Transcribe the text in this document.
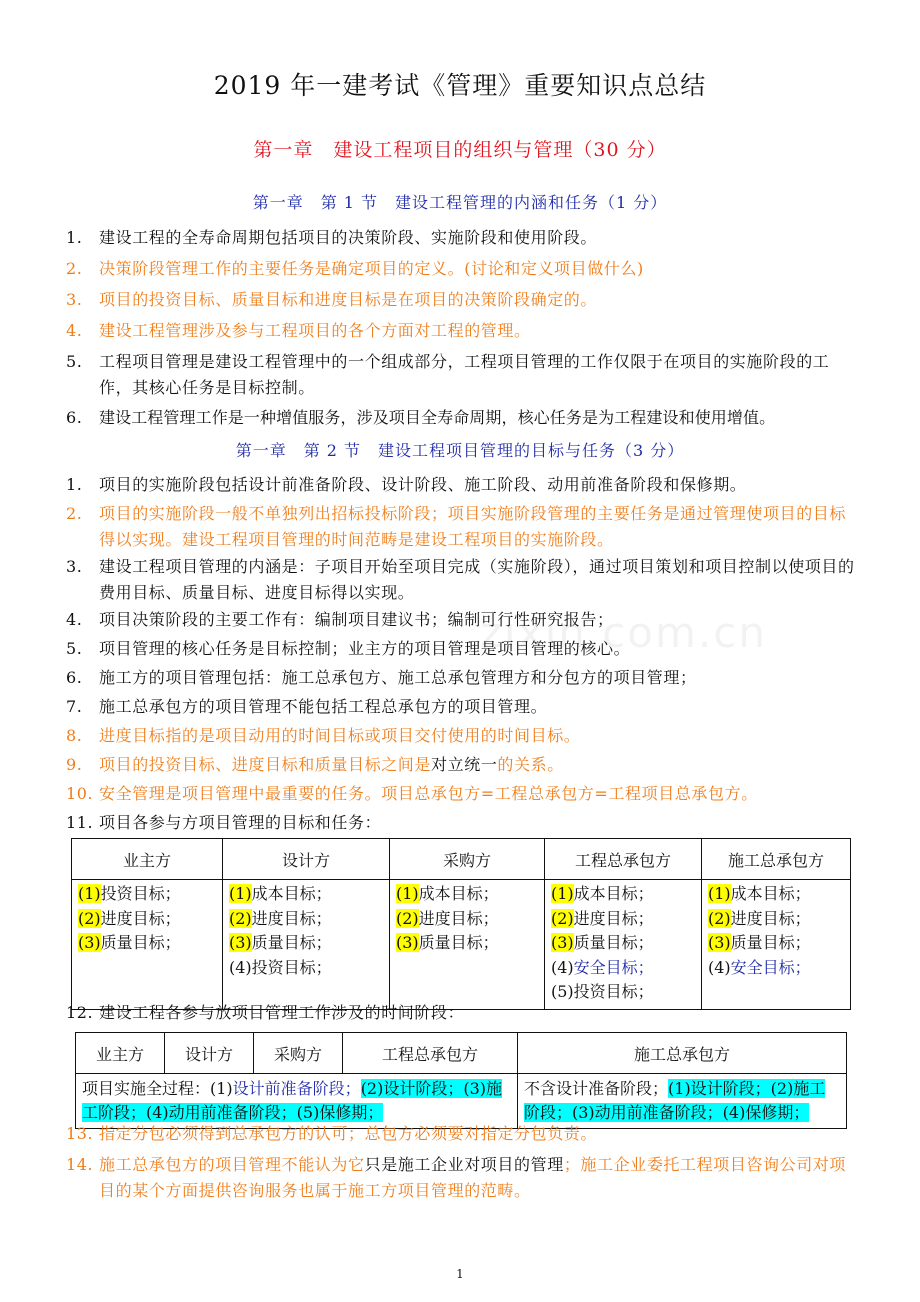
zixin.com.cn
2019 年一建考试《管理》重要知识点总结
第一章　建设工程项目的组织与管理（30 分）
第一章　第 1 节　建设工程管理的内涵和任务（1 分）
1. 建设工程的全寿命周期包括项目的决策阶段、实施阶段和使用阶段。
2. 决策阶段管理工作的主要任务是确定项目的定义。(讨论和定义项目做什么)
3. 项目的投资目标、质量目标和进度目标是在项目的决策阶段确定的。
4. 建设工程管理涉及参与工程项目的各个方面对工程的管理。
5. 工程项目管理是建设工程管理中的一个组成部分，工程项目管理的工作仅限于在项目的实施阶段的工作，其核心任务是目标控制。
6. 建设工程管理工作是一种增值服务，涉及项目全寿命周期，核心任务是为工程建设和使用增值。
第一章　第 2 节　建设工程项目管理的目标与任务（3 分）
1. 项目的实施阶段包括设计前准备阶段、设计阶段、施工阶段、动用前准备阶段和保修期。
2. 项目的实施阶段一般不单独列出招标投标阶段；项目实施阶段管理的主要任务是通过管理使项目的目标得以实现。建设工程项目管理的时间范畴是建设工程项目的实施阶段。
3. 建设工程项目管理的内涵是：子项目开始至项目完成（实施阶段），通过项目策划和项目控制以使项目的费用目标、质量目标、进度目标得以实现。
4. 项目决策阶段的主要工作有：编制项目建议书；编制可行性研究报告；
5. 项目管理的核心任务是目标控制；业主方的项目管理是项目管理的核心。
6. 施工方的项目管理包括：施工总承包方、施工总承包管理方和分包方的项目管理；
7. 施工总承包方的项目管理不能包括工程总承包方的项目管理。
8. 进度目标指的是项目动用的时间目标或项目交付使用的时间目标。
9. 项目的投资目标、进度目标和质量目标之间是对立统一的关系。
10. 安全管理是项目管理中最重要的任务。项目总承包方=工程总承包方=工程项目总承包方。
11. 项目各参与方项目管理的目标和任务：
业主方	设计方	采购方	工程总承包方	施工总承包方
(1)投资目标；
(2)进度目标；
(3)质量目标；	(1)成本目标；
(2)进度目标；
(3)质量目标；
(4)投资目标；	(1)成本目标；
(2)进度目标；
(3)质量目标；	(1)成本目标；
(2)进度目标；
(3)质量目标；
(4)安全目标；
(5)投资目标；	(1)成本目标；
(2)进度目标；
(3)质量目标；
(4)安全目标；
12. 建设工程各参与放项目管理工作涉及的时间阶段：
业主方	设计方	采购方	工程总承包方	施工总承包方
项目实施全过程：(1)设计前准备阶段；(2)设计阶段；(3)施工阶段；(4)动用前准备阶段；(5)保修期；				不含设计准备阶段；(1)设计阶段；(2)施工阶段；(3)动用前准备阶段；(4)保修期；
13. 指定分包必须得到总承包方的认可；总包方必须要对指定分包负责。
14. 施工总承包方的项目管理不能认为它只是施工企业对项目的管理；施工企业委托工程项目咨询公司对项目的某个方面提供咨询服务也属于施工方项目管理的范畴。
1
